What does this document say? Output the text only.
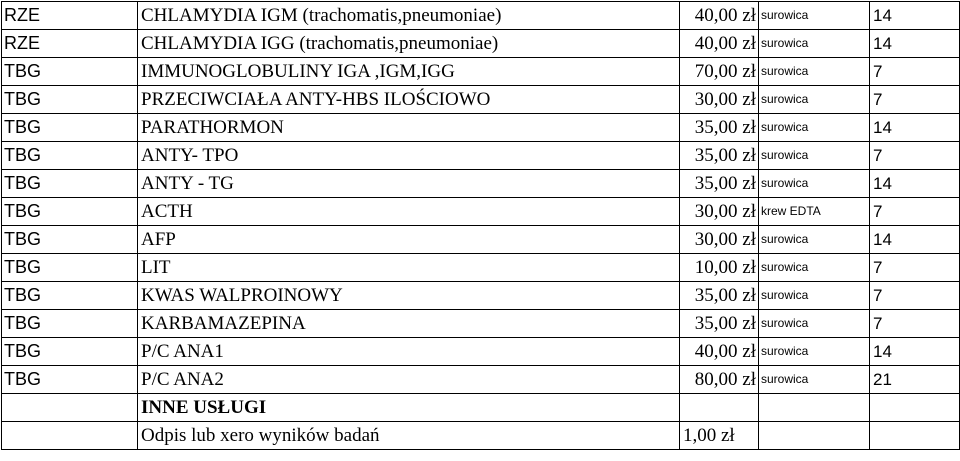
RZE	CHLAMYDIA IGM (trachomatis,pneumoniae)	40,00 zł	surowica	14
RZE	CHLAMYDIA IGG (trachomatis,pneumoniae)	40,00 zł	surowica	14
TBG	IMMUNOGLOBULINY IGA ,IGM,IGG	70,00 zł	surowica	7
TBG	PRZECIWCIAŁA ANTY-HBS ILOŚCIOWO	30,00 zł	surowica	7
TBG	PARATHORMON	35,00 zł	surowica	14
TBG	ANTY- TPO	35,00 zł	surowica	7
TBG	ANTY - TG	35,00 zł	surowica	14
TBG	ACTH	30,00 zł	krew EDTA	7
TBG	AFP	30,00 zł	surowica	14
TBG	LIT	10,00 zł	surowica	7
TBG	KWAS WALPROINOWY	35,00 zł	surowica	7
TBG	KARBAMAZEPINA	35,00 zł	surowica	7
TBG	P/C ANA1	40,00 zł	surowica	14
TBG	P/C ANA2	80,00 zł	surowica	21
	INNE USŁUGI			
	Odpis lub xero wyników badań	1,00 zł		
